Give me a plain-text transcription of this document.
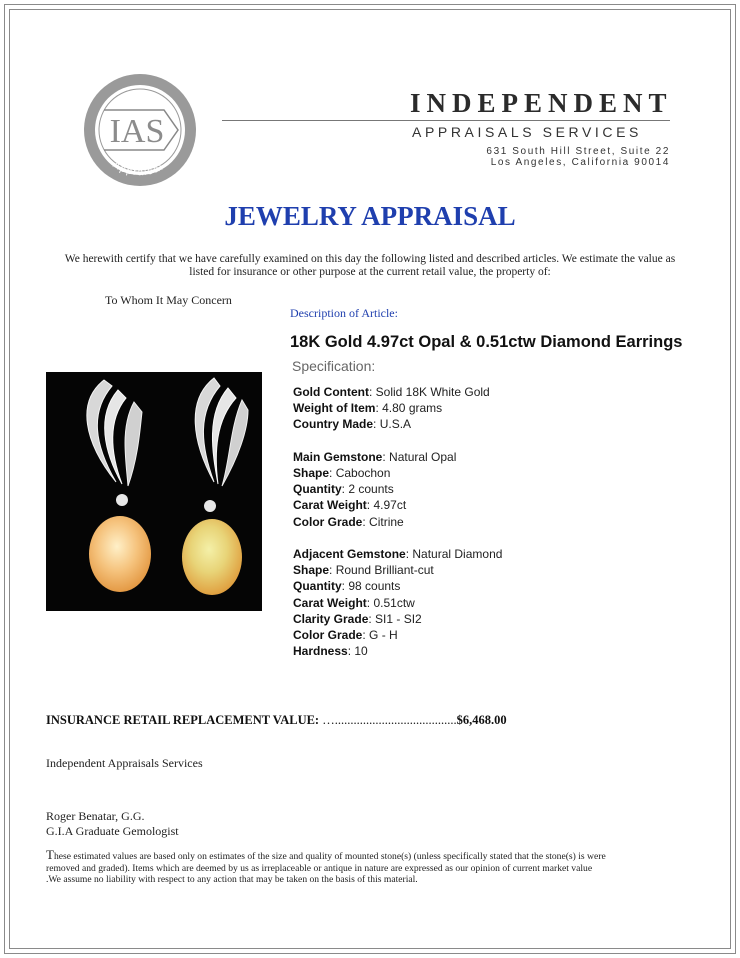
IAS
Appraisal
INDEPENDENT
APPRAISALS SERVICES
631 South Hill Street, Suite 22
Los Angeles, California 90014
JEWELRY APPRAISAL
We herewith certify that we have carefully examined on this day the following listed and described articles. We estimate the value as listed for insurance or other purpose at the current retail value, the property of:
To Whom It May Concern
Description of Article:
18K Gold 4.97ct Opal & 0.51ctw Diamond Earrings
Specification:
Gold Content: Solid 18K White Gold
Weight of Item: 4.80 grams
Country Made: U.S.A
Main Gemstone: Natural Opal
Shape: Cabochon
Quantity: 2 counts
Carat Weight: 4.97ct
Color Grade: Citrine
Adjacent Gemstone: Natural Diamond
Shape: Round Brilliant-cut
Quantity: 98 counts
Carat Weight: 0.51ctw
Clarity Grade: SI1 - SI2
Color Grade: G - H
Hardness: 10
INSURANCE RETAIL REPLACEMENT VALUE: ….......................................$6,468.00
Independent Appraisals Services
Roger Benatar, G.G.
G.I.A Graduate Gemologist
These estimated values are based only on estimates of the size and quality of mounted stone(s) (unless specifically stated that the stone(s) is were removed and graded). Items which are deemed by us as irreplaceable or antique in nature are expressed as our opinion of current market value .We assume no liability with respect to any action that may be taken on the basis of this material.
